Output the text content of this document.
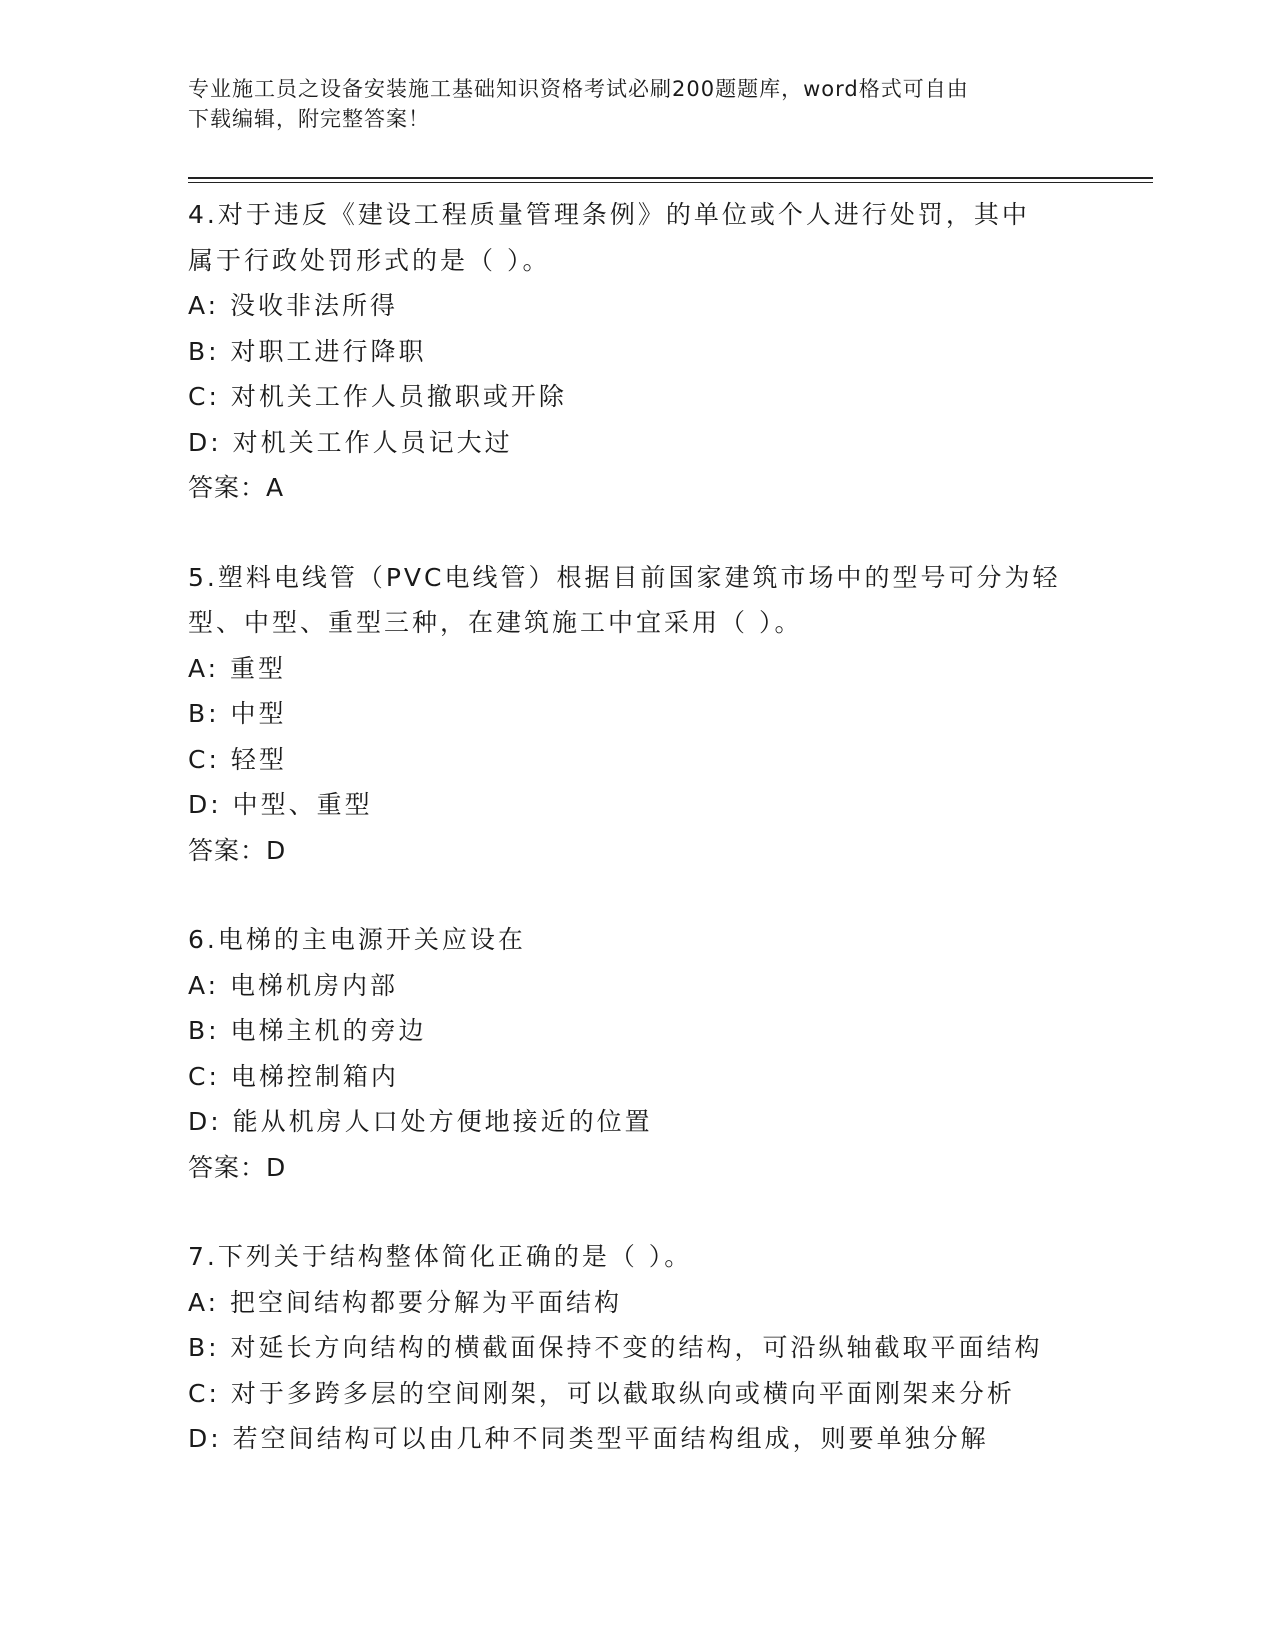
专业施工员之设备安装施工基础知识资格考试必刷200题题库，word格式可自由
下载编辑，附完整答案！
4.对于违反《建设工程质量管理条例》的单位或个人进行处罚，其中
属于行政处罚形式的是（ ）。
A: 没收非法所得
B: 对职工进行降职
C: 对机关工作人员撤职或开除
D: 对机关工作人员记大过
答案：A
5.塑料电线管（PVC电线管）根据目前国家建筑市场中的型号可分为轻
型、中型、重型三种，在建筑施工中宜采用（ ）。
A: 重型
B: 中型
C: 轻型
D: 中型、重型
答案：D
6.电梯的主电源开关应设在
A: 电梯机房内部
B: 电梯主机的旁边
C: 电梯控制箱内
D: 能从机房人口处方便地接近的位置
答案：D
7.下列关于结构整体简化正确的是（ ）。
A: 把空间结构都要分解为平面结构
B: 对延长方向结构的横截面保持不变的结构，可沿纵轴截取平面结构
C: 对于多跨多层的空间刚架，可以截取纵向或横向平面刚架来分析
D: 若空间结构可以由几种不同类型平面结构组成，则要单独分解
